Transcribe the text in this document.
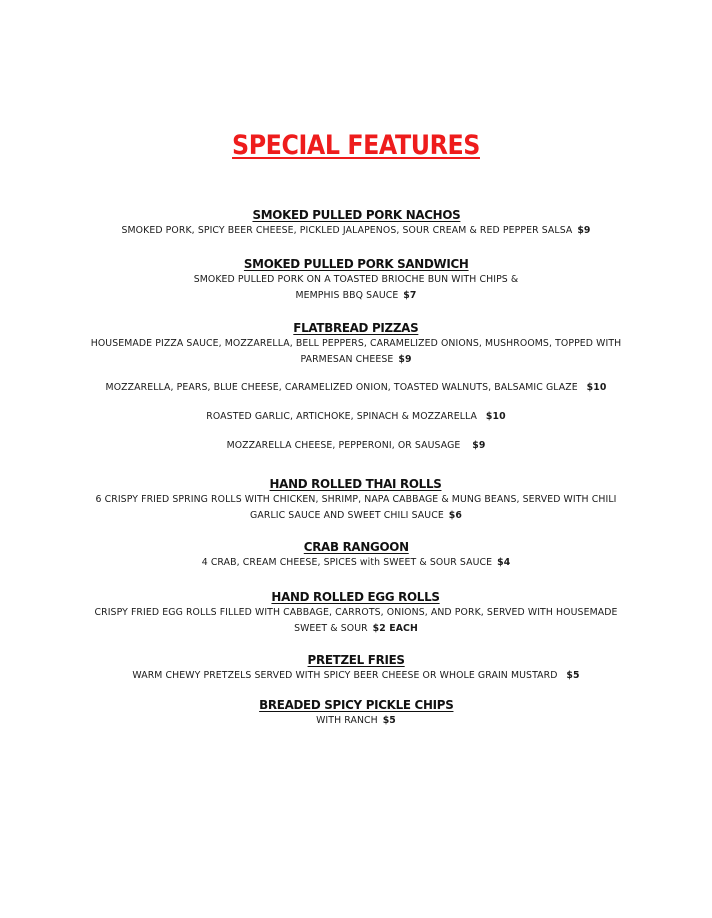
SPECIAL FEATURES
SMOKED PULLED PORK NACHOS
SMOKED PORK, SPICY BEER CHEESE, PICKLED JALAPENOS, SOUR CREAM & RED PEPPER SALSA $9
SMOKED PULLED PORK SANDWICH
SMOKED PULLED PORK ON A TOASTED BRIOCHE BUN WITH CHIPS &
MEMPHIS BBQ SAUCE $7
FLATBREAD PIZZAS
HOUSEMADE PIZZA SAUCE, MOZZARELLA, BELL PEPPERS, CARAMELIZED ONIONS, MUSHROOMS, TOPPED WITH
PARMESAN CHEESE $9
MOZZARELLA, PEARS, BLUE CHEESE, CARAMELIZED ONION, TOASTED WALNUTS, BALSAMIC GLAZE $10
ROASTED GARLIC, ARTICHOKE, SPINACH & MOZZARELLA $10
MOZZARELLA CHEESE, PEPPERONI, OR SAUSAGE $9
HAND ROLLED THAI ROLLS
6 CRISPY FRIED SPRING ROLLS WITH CHICKEN, SHRIMP, NAPA CABBAGE & MUNG BEANS, SERVED WITH CHILI
GARLIC SAUCE AND SWEET CHILI SAUCE $6
CRAB RANGOON
4 CRAB, CREAM CHEESE, SPICES with SWEET & SOUR SAUCE $4
HAND ROLLED EGG ROLLS
CRISPY FRIED EGG ROLLS FILLED WITH CABBAGE, CARROTS, ONIONS, AND PORK, SERVED WITH HOUSEMADE
SWEET & SOUR $2 EACH
PRETZEL FRIES
WARM CHEWY PRETZELS SERVED WITH SPICY BEER CHEESE OR WHOLE GRAIN MUSTARD $5
BREADED SPICY PICKLE CHIPS
WITH RANCH $5
